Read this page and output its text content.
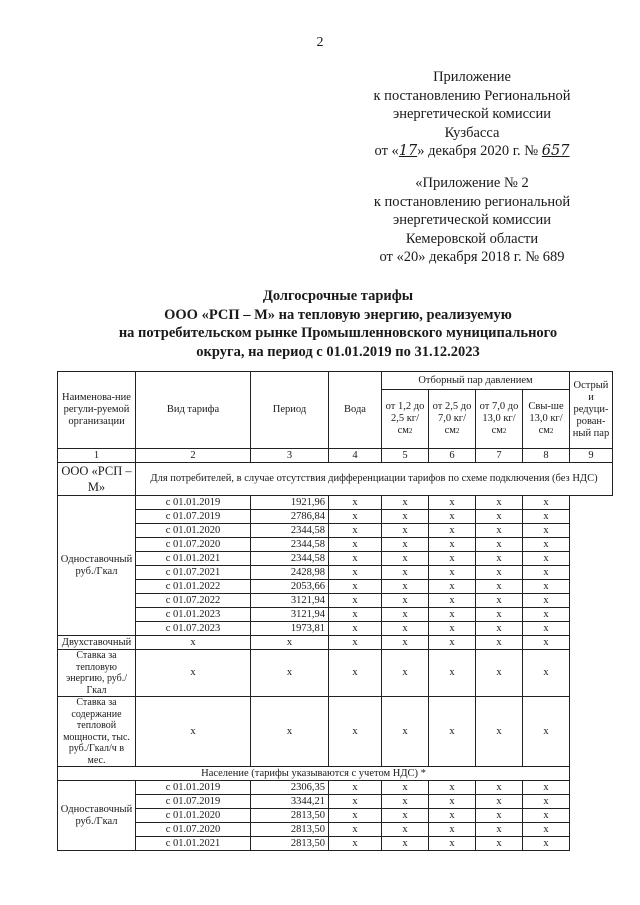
2
Приложение
к постановлению Региональной
энергетической комиссии
Кузбасса
от «17» декабря 2020 г. № 657
«Приложение № 2
к постановлению региональной
энергетической комиссии
Кемеровской области
от «20» декабря 2018 г. № 689
Долгосрочные тарифы
ООО «РСП – М» на тепловую энергию, реализуемую
на потребительском рынке Промышленновского муниципального
округа, на период с 01.01.2019 по 31.12.2023
Наименова-ние регули-руемой организации	Вид тарифа	Период	Вода	Отборный пар давлением				Острый и редуци-рован-ный пар
				от 1,2 до 2,5 $кг/см^2$	от 2,5 до 7,0 $кг/см^2$	от 7,0 до 13,0 $кг/см^2$	Свы-ше 13,0 $кг/см^2$
1	2	3	4	5	6	7	8	9
ООО «РСП – М»	Для потребителей, в случае отсутствия дифференциации тарифов по схеме подключения (без НДС)							
Одноставочный руб./Гкал	с 01.01.2019	1921,96	x	x	x	x	x	
	с 01.07.2019	2786,84	x	x	x	x	x	
	с 01.01.2020	2344,58	x	x	x	x	x	
	с 01.07.2020	2344,58	x	x	x	x	x	
	с 01.01.2021	2344,58	x	x	x	x	x	
	с 01.07.2021	2428,98	x	x	x	x	x	
	с 01.01.2022	2053,66	x	x	x	x	x	
	с 01.07.2022	3121,94	x	x	x	x	x	
	с 01.01.2023	3121,94	x	x	x	x	x	
	с 01.07.2023	1973,81	x	x	x	x	x	
Двухставочный	x	x	x	x	x	x	x	
Ставка за тепловую энергию, руб./Гкал	x	x	x	x	x	x	x	
Ставка за содержание тепловой мощности, тыс. руб./Гкал/ч в мес.	x	x	x	x	x	x	x	
Население (тарифы указываются с учетом НДС) *								
Одноставочный руб./Гкал	с 01.01.2019	2306,35	x	x	x	x	x	
	с 01.07.2019	3344,21	x	x	x	x	x	
	с 01.01.2020	2813,50	x	x	x	x	x	
	с 01.07.2020	2813,50	x	x	x	x	x	
	с 01.01.2021	2813,50	x	x	x	x	x	
